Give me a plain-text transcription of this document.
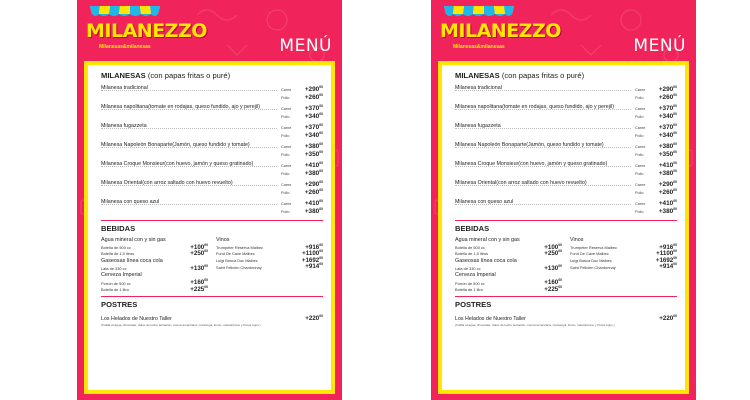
MILANEZZO
Milanesas&milanesas	MENÚ
MILANESAS (con papas fritas o puré)
Milanesa tradicional	Carne $+290^{00}$
Pollo $+260^{00}$
Milanesa napolitana(tomate en rodajas, queso fundido, ajo y perejil)	Carne $+370^{00}$
Pollo $+340^{00}$
Milanesa fugazzeta	Carne $+370^{00}$
Pollo $+340^{00}$
Milanesa Napoleón Bonaparte(Jamón, queso fundido y tomate)	Carne $+380^{00}$
Pollo $+350^{00}$
Milanesa Croque Monsieur(con huevo, jamón y queso gratinado)	Carne $+410^{00}$
Pollo $+380^{00}$
Milanesa Oriental(con arroz saltado con huevo revuelto)	Carne $+290^{00}$
Pollo $+260^{00}$
Milanesa con queso azul	Carne $+410^{00}$
Pollo $+380^{00}$
BEBIDAS
Agua mineral con y sin gas
Botella de 500 cc	$+100^{00}$
Botella de 1,5 litros	$+250^{00}$
Gaseosas línea coca cola
Lata de 330 cc	$+130^{00}$
Cerveza Imperial
Porrón de 500 cc	$+160^{00}$
Botella de 1 litro	$+225^{00}$
Vinos
Trumpeter Reserva Malbec	$+916^{00}$
Fond De Cave Malbec	$+1100^{00}$
Luigi Bosca Doc Malbec	$+1692^{00}$
Saint Felicien Chardonnay	$+914^{00}$
POSTRES
Los Helados de Nuestro Taller	$+220^{00}$
(frutilla al agua, chocolate, dulce de leche tentación, crema americana, maracuyá, limón, mascarpone y frutos rojos )
MILANEZZO
Milanesas&milanesas	MENÚ
MILANESAS (con papas fritas o puré)
Milanesa tradicional	Carne $+290^{00}$
Pollo $+260^{00}$
Milanesa napolitana(tomate en rodajas, queso fundido, ajo y perejil)	Carne $+370^{00}$
Pollo $+340^{00}$
Milanesa fugazzeta	Carne $+370^{00}$
Pollo $+340^{00}$
Milanesa Napoleón Bonaparte(Jamón, queso fundido y tomate)	Carne $+380^{00}$
Pollo $+350^{00}$
Milanesa Croque Monsieur(con huevo, jamón y queso gratinado)	Carne $+410^{00}$
Pollo $+380^{00}$
Milanesa Oriental(con arroz saltado con huevo revuelto)	Carne $+290^{00}$
Pollo $+260^{00}$
Milanesa con queso azul	Carne $+410^{00}$
Pollo $+380^{00}$
BEBIDAS
Agua mineral con y sin gas
Botella de 500 cc	$+100^{00}$
Botella de 1,5 litros	$+250^{00}$
Gaseosas línea coca cola
Lata de 330 cc	$+130^{00}$
Cerveza Imperial
Porrón de 500 cc	$+160^{00}$
Botella de 1 litro	$+225^{00}$
Vinos
Trumpeter Reserva Malbec	$+916^{00}$
Fond De Cave Malbec	$+1100^{00}$
Luigi Bosca Doc Malbec	$+1692^{00}$
Saint Felicien Chardonnay	$+914^{00}$
POSTRES
Los Helados de Nuestro Taller	$+220^{00}$
(frutilla al agua, chocolate, dulce de leche tentación, crema americana, maracuyá, limón, mascarpone y frutos rojos )
